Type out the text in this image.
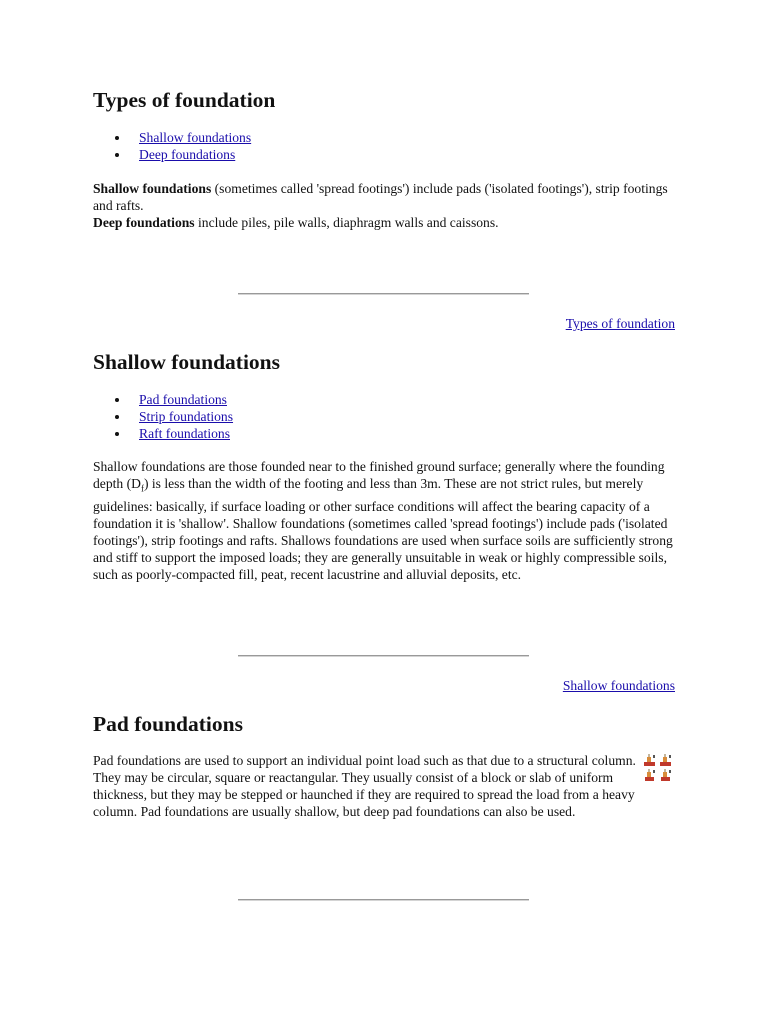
Types of foundation
Shallow foundations
Deep foundations

Shallow foundations (sometimes called 'spread footings') include pads ('isolated footings'), strip footings and rafts.

Deep foundations include piles, pile walls, diaphragm walls and caissons.

Types of foundation
Shallow foundations
Pad foundations
Strip foundations
Raft foundations

Shallow foundations are those founded near to the finished ground surface; generally where the founding depth $(D_f)$ is less than the width of the footing and less than 3m. These are not strict rules, but merely guidelines: basically, if surface loading or other surface conditions will affect the bearing capacity of a foundation it is 'shallow'. Shallow foundations (sometimes called 'spread footings') include pads ('isolated footings'), strip footings and rafts. Shallows foundations are used when surface soils are sufficiently strong and stiff to support the imposed loads; they are generally unsuitable in weak or highly compressible soils, such as poorly-compacted fill, peat, recent lacustrine and alluvial deposits, etc.

Shallow foundations
Pad foundations

Pad foundations are used to support an individual point load such as that due to a structural column. They may be circular, square or reactangular. They usually consist of a block or slab of uniform thickness, but they may be stepped or haunched if they are required to spread the load from a heavy column. Pad foundations are usually shallow, but deep pad foundations can also be used.
